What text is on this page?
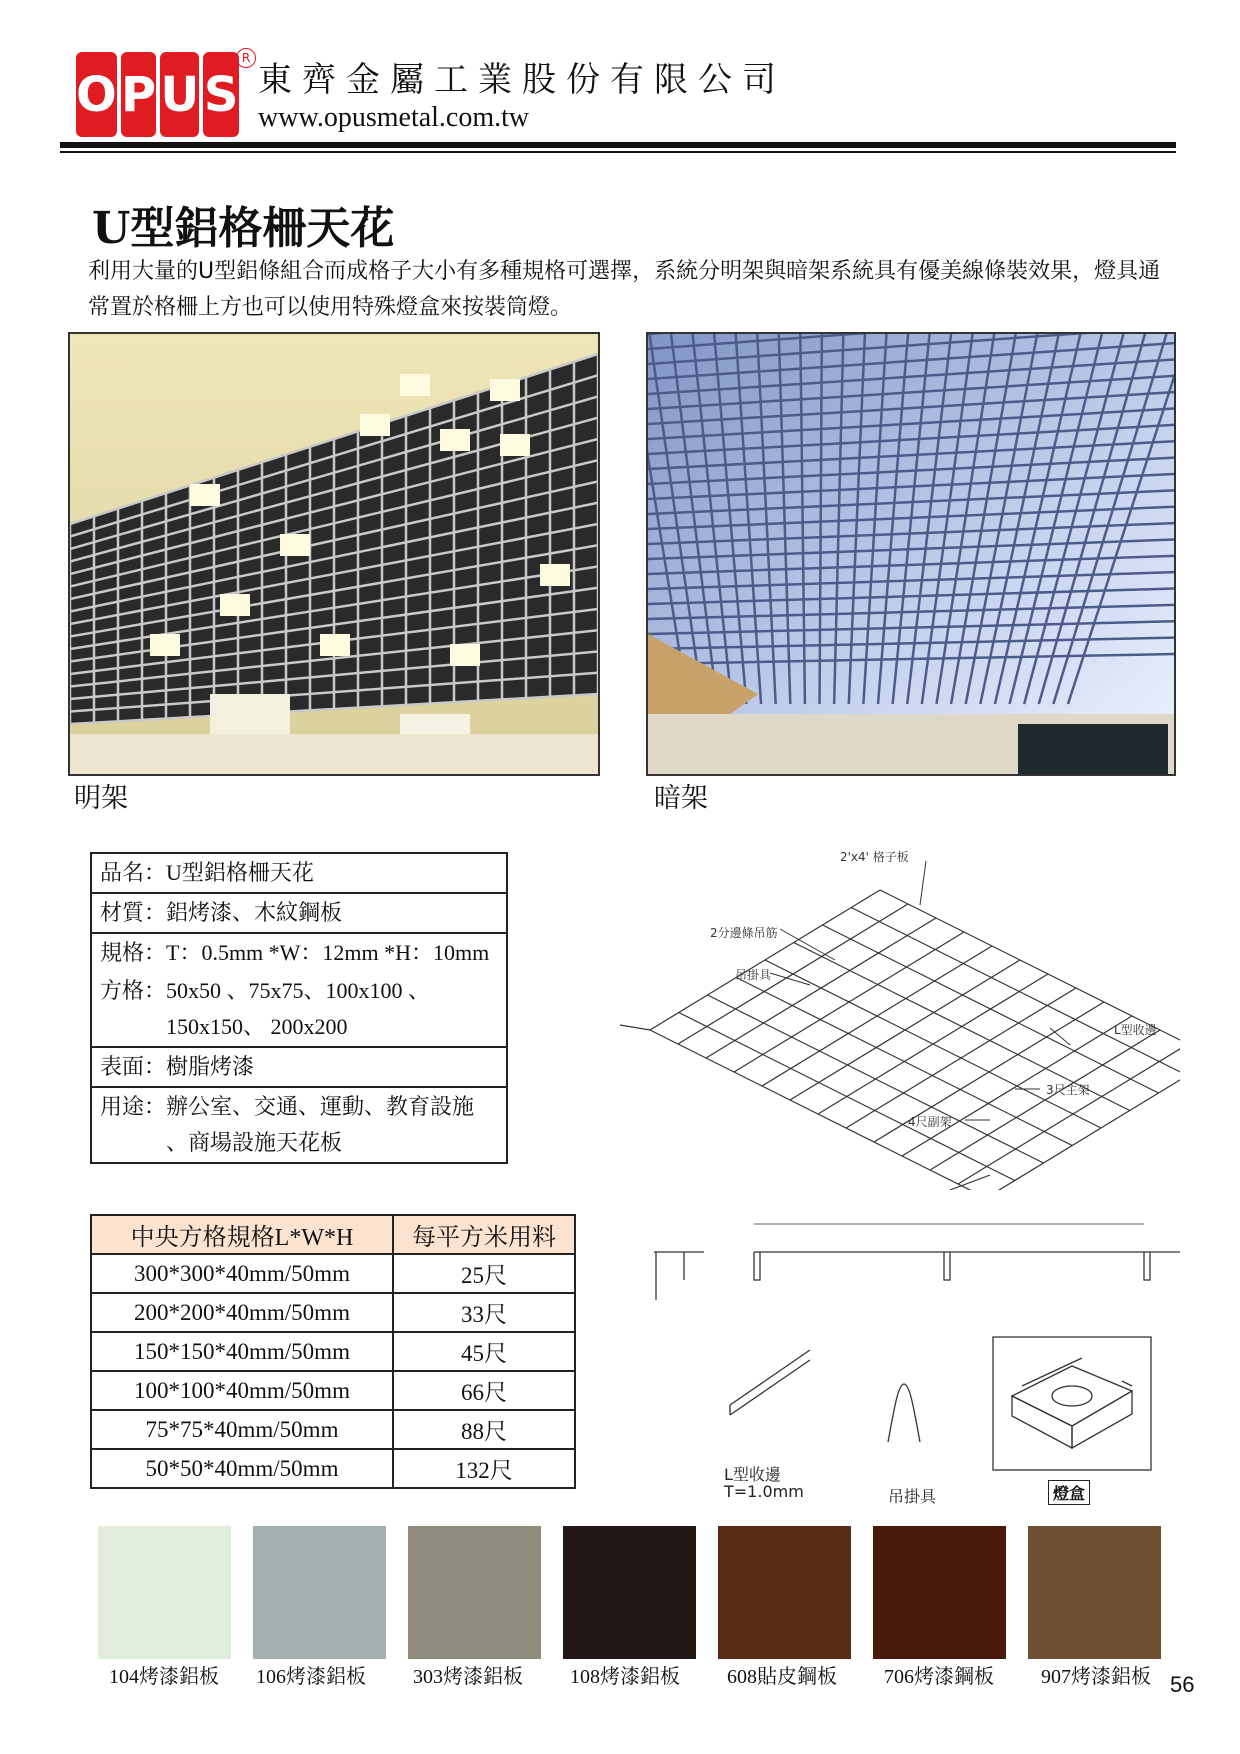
O P U S
R
東齊金屬工業股份有限公司
www.opusmetal.com.tw
U型鋁格柵天花
利用大量的U型鋁條組合而成格子大小有多種規格可選擇，系統分明架與暗架系統具有優美線條裝效果，燈具通常置於格柵上方也可以使用特殊燈盒來按裝筒燈。
明架	暗架
品名：U型鋁格柵天花
材質：鋁烤漆、木紋鋼板
規格：T：0.5mm *W：12mm *H：10mm
方格：50x50 、75x75、100x100 、
150x150、 200x200
表面：樹脂烤漆
用途：辦公室、交通、運動、教育設施
、商場設施天花板
2'x4' 格子板
2分邊條吊筋
吊掛具
L型收邊
3尺主架
4尺副架
L型收邊
T=1.0mm	吊掛具	燈盒
中央方格規格L*W*H	每平方米用料
300*300*40mm/50mm	25尺
200*200*40mm/50mm	33尺
150*150*40mm/50mm	45尺
100*100*40mm/50mm	66尺
75*75*40mm/50mm	88尺
50*50*40mm/50mm	132尺
104烤漆鋁板	106烤漆鋁板	303烤漆鋁板	108烤漆鋁板	608貼皮鋼板	706烤漆鋼板	907烤漆鋁板 56
